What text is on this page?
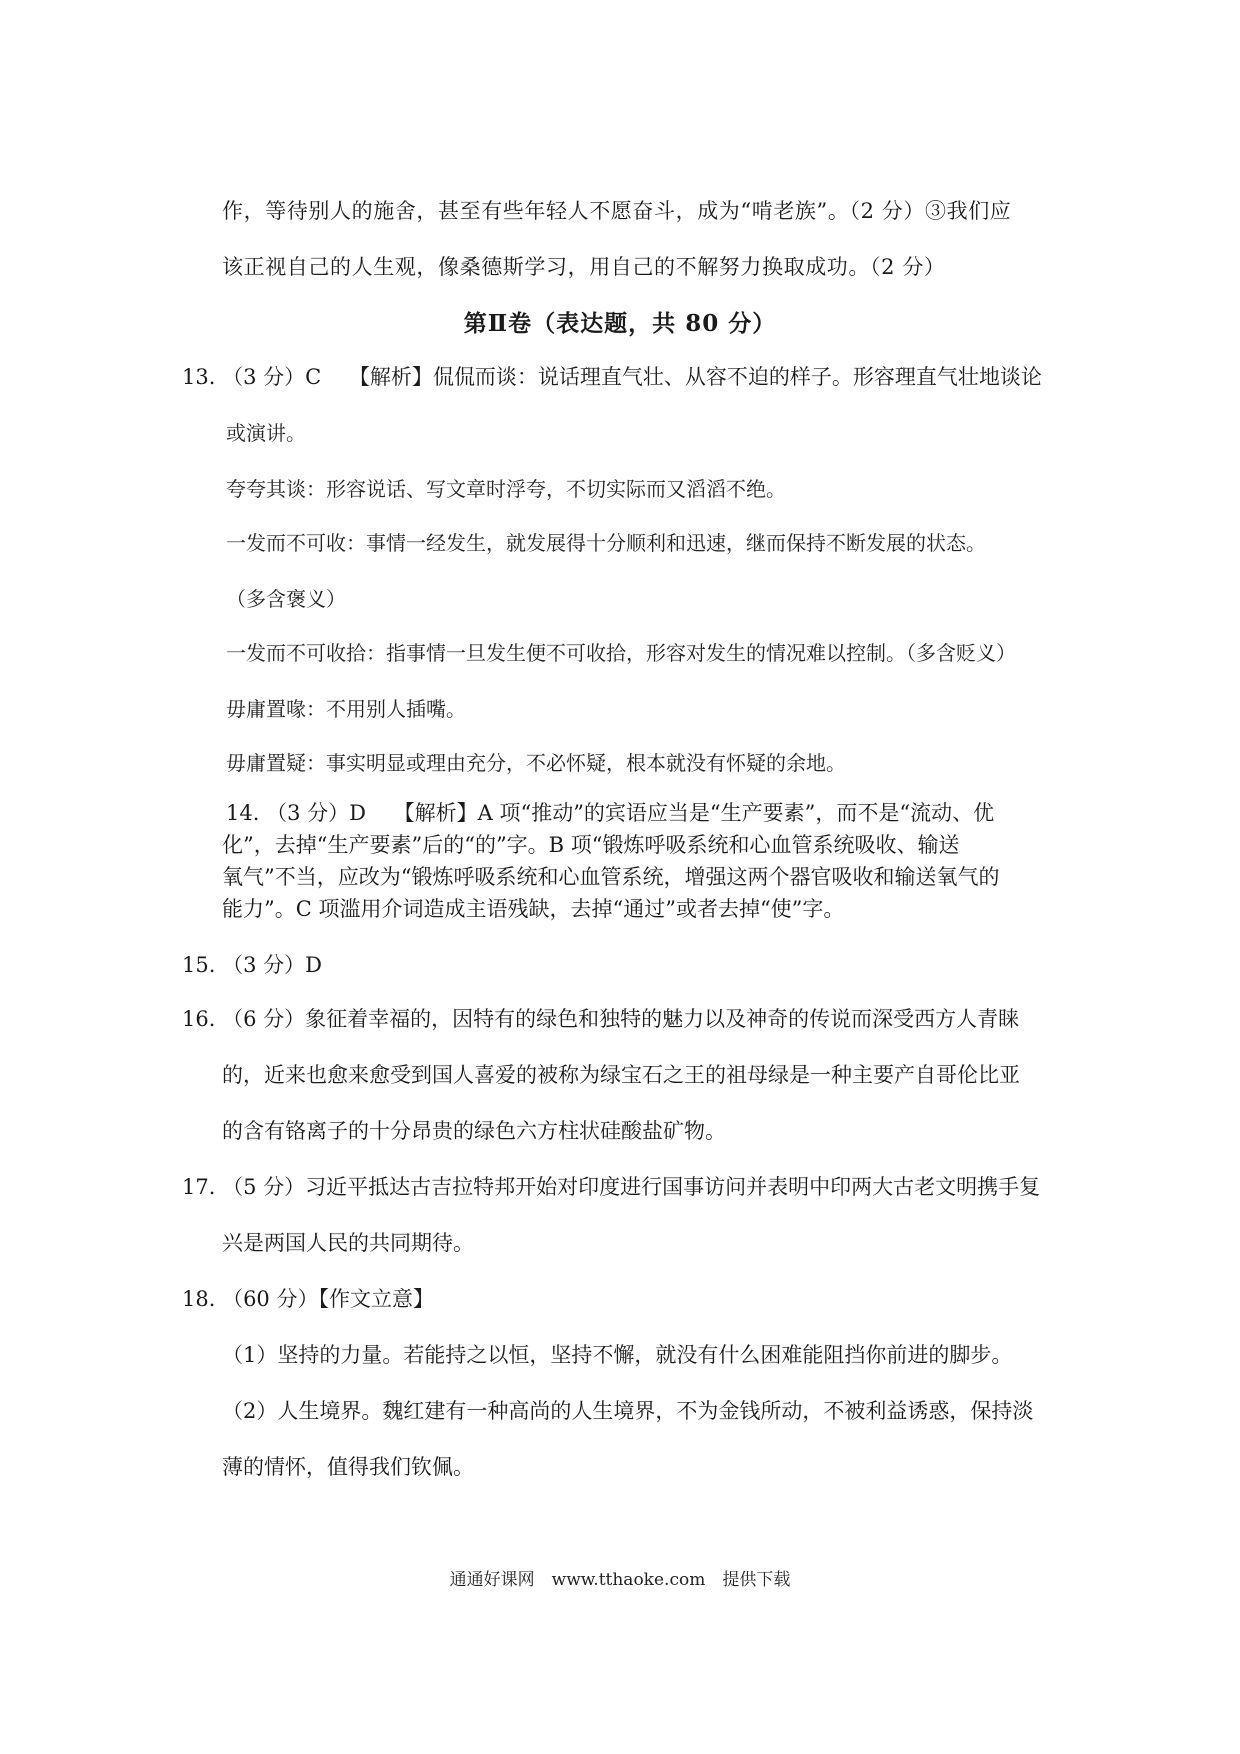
作，等待别人的施舍，甚至有些年轻人不愿奋斗，成为“啃老族”。（2 分）③我们应
该正视自己的人生观，像桑德斯学习，用自己的不解努力换取成功。（2 分）
第Ⅱ卷（表达题，共 80 分）
13. （3 分）C　 【解析】侃侃而谈：说话理直气壮、从容不迫的样子。形容理直气壮地谈论
或演讲。
夸夸其谈：形容说话、写文章时浮夸，不切实际而又滔滔不绝。
一发而不可收：事情一经发生，就发展得十分顺利和迅速，继而保持不断发展的状态。
（多含褒义）
一发而不可收拾：指事情一旦发生便不可收拾，形容对发生的情况难以控制。（多含贬义）
毋庸置喙：不用别人插嘴。
毋庸置疑：事实明显或理由充分，不必怀疑，根本就没有怀疑的余地。
14. （3 分）D　 【解析】A 项“推动”的宾语应当是“生产要素”，而不是“流动、优
化”，去掉“生产要素”后的“的”字。B 项“锻炼呼吸系统和心血管系统吸收、输送
氧气”不当，应改为“锻炼呼吸系统和心血管系统，增强这两个器官吸收和输送氧气的
能力”。C 项滥用介词造成主语残缺，去掉“通过”或者去掉“使”字。
15. （3 分）D
16. （6 分）象征着幸福的，因特有的绿色和独特的魅力以及神奇的传说而深受西方人青睐
的，近来也愈来愈受到国人喜爱的被称为绿宝石之王的祖母绿是一种主要产自哥伦比亚
的含有铬离子的十分昂贵的绿色六方柱状硅酸盐矿物。
17. （5 分）习近平抵达古吉拉特邦开始对印度进行国事访问并表明中印两大古老文明携手复
兴是两国人民的共同期待。
18. （60 分）【作文立意】
（1）坚持的力量。若能持之以恒，坚持不懈，就没有什么困难能阻挡你前进的脚步。
（2）人生境界。魏红建有一种高尚的人生境界，不为金钱所动，不被利益诱惑，保持淡
薄的情怀，值得我们钦佩。
通通好课网　www.tthaoke.com　提供下载
